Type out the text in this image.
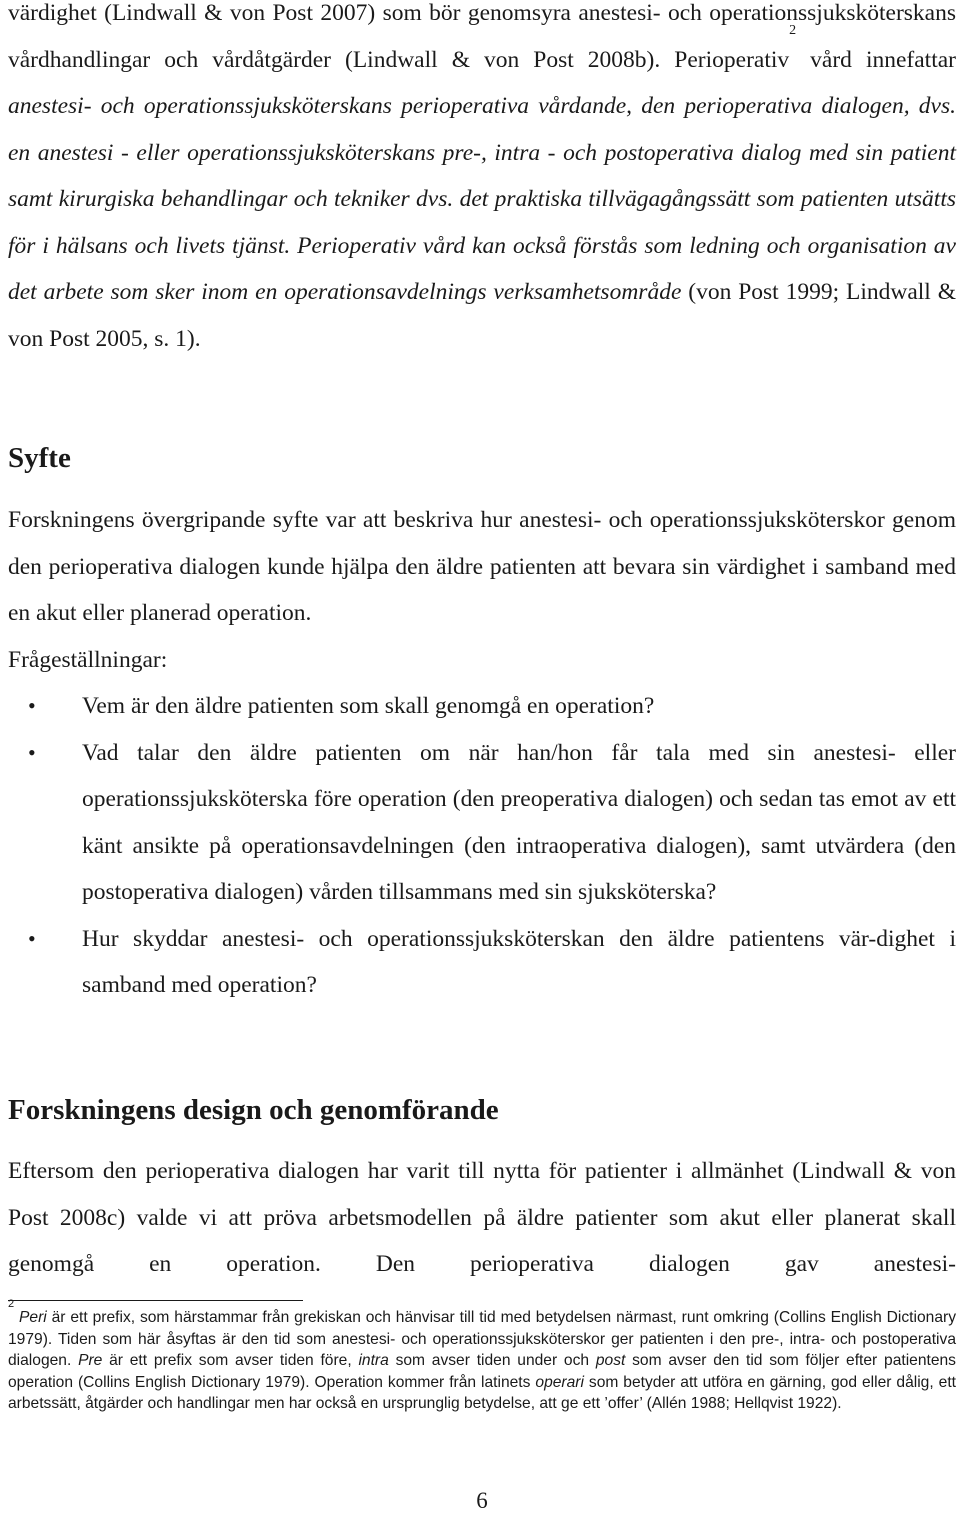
värdighet (Lindwall & von Post 2007) som bör genomsyra anestesi- och operationssjuksköterskans vårdhandlingar och vårdåtgärder (Lindwall & von Post 2008b). Perioperativ$^2$ vård innefattar anestesi- och operationssjuksköterskans perioperativa vårdande, den perioperativa dialogen, dvs. en anestesi - eller operationssjuksköterskans pre-, intra - och postoperativa dialog med sin patient samt kirurgiska behandlingar och tekniker dvs. det praktiska tillvägagångssätt som patienten utsätts för i hälsans och livets tjänst. Perioperativ vård kan också förstås som ledning och organisation av det arbete som sker inom en operationsavdelnings verksamhetsområde (von Post 1999; Lindwall & von Post 2005, s. 1).

Syfte

Forskningens övergripande syfte var att beskriva hur anestesi- och operationssjuksköterskor genom den perioperativa dialogen kunde hjälpa den äldre patienten att bevara sin värdighet i samband med en akut eller planerad operation.

Frågeställningar:

• Vem är den äldre patienten som skall genomgå en operation?
• Vad talar den äldre patienten om när han/hon får tala med sin anestesi- eller operationssjuksköterska före operation (den preoperativa dialogen) och sedan tas emot av ett känt ansikte på operationsavdelningen (den intraoperativa dialogen), samt utvärdera (den postoperativa dialogen) vården tillsammans med sin sjuksköterska?
• Hur skyddar anestesi- och operationssjuksköterskan den äldre patientens vär-dighet i samband med operation?
Forskningens design och genomförande

Eftersom den perioperativa dialogen har varit till nytta för patienter i allmänhet (Lindwall & von Post 2008c) valde vi att pröva arbetsmodellen på äldre patienter som akut eller planerat skall genomgå en operation. Den perioperativa dialogen gav anestesi-

$^2$ Peri är ett prefix, som härstammar från grekiskan och hänvisar till tid med betydelsen närmast, runt omkring (Collins English Dictionary 1979). Tiden som här åsyftas är den tid som anestesi- och operationssjuksköterskor ger patienten i den pre-, intra- och postoperativa dialogen. Pre är ett prefix som avser tiden före, intra som avser tiden under och post som avser den tid som följer efter patientens operation (Collins English Dictionary 1979). Operation kommer från latinets operari som betyder att utföra en gärning, god eller dålig, ett arbetssätt, åtgärder och handlingar men har också en ursprunglig betydelse, att ge ett ’offer’ (Allén 1988; Hellqvist 1922).

6
